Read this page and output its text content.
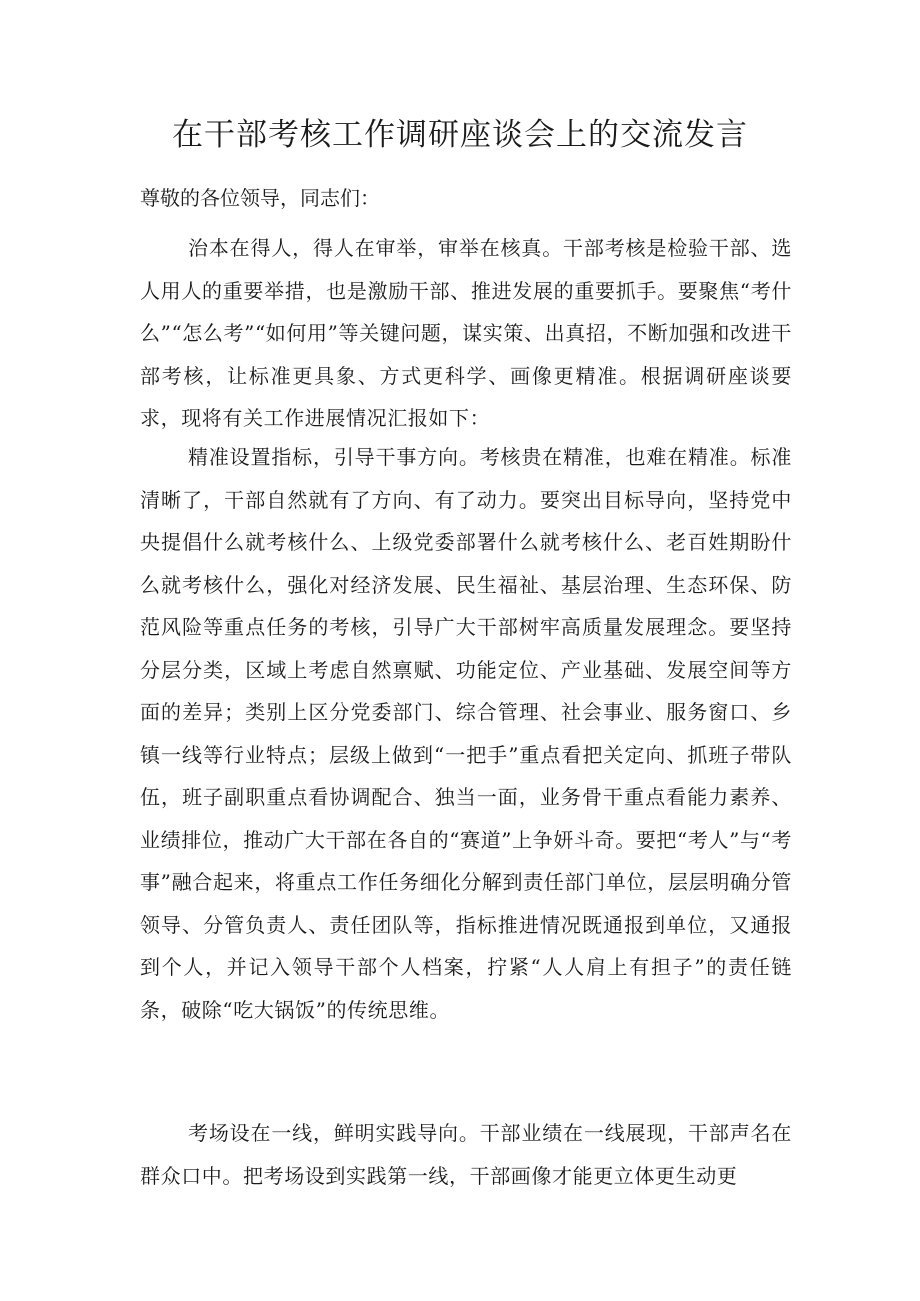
在干部考核工作调研座谈会上的交流发言

尊敬的各位领导，同志们：

治本在得人，得人在审举，审举在核真。干部考核是检验干部、选人用人的重要举措，也是激励干部、推进发展的重要抓手。要聚焦“考什么”“怎么考”“如何用”等关键问题，谋实策、出真招，不断加强和改进干部考核，让标准更具象、方式更科学、画像更精准。根据调研座谈要求，现将有关工作进展情况汇报如下：

精准设置指标，引导干事方向。考核贵在精准，也难在精准。标准清晰了，干部自然就有了方向、有了动力。要突出目标导向，坚持党中央提倡什么就考核什么、上级党委部署什么就考核什么、老百姓期盼什么就考核什么，强化对经济发展、民生福祉、基层治理、生态环保、防范风险等重点任务的考核，引导广大干部树牢高质量发展理念。要坚持分层分类，区域上考虑自然禀赋、功能定位、产业基础、发展空间等方面的差异；类别上区分党委部门、综合管理、社会事业、服务窗口、乡镇一线等行业特点；层级上做到“一把手”重点看把关定向、抓班子带队伍，班子副职重点看协调配合、独当一面，业务骨干重点看能力素养、业绩排位，推动广大干部在各自的“赛道”上争妍斗奇。要把“考人”与“考事”融合起来，将重点工作任务细化分解到责任部门单位，层层明确分管领导、分管负责人、责任团队等，指标推进情况既通报到单位，又通报到个人，并记入领导干部个人档案，拧紧“人人肩上有担子”的责任链条，破除“吃大锅饭”的传统思维。

考场设在一线，鲜明实践导向。干部业绩在一线展现，干部声名在群众口中。把考场设到实践第一线，干部画像才能更立体更生动更
